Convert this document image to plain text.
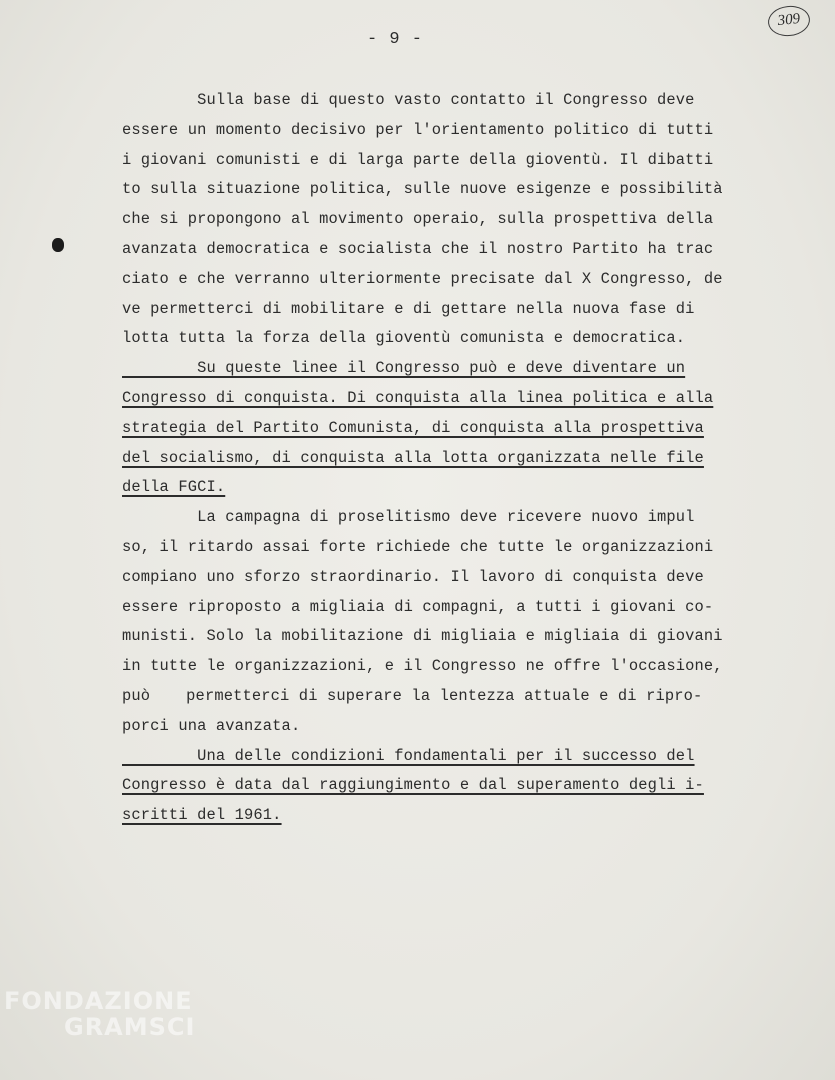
- 9 -
309
Sulla base di questo vasto contatto il Congresso deve
essere un momento decisivo per l'orientamento politico di tutti
i giovani comunisti e di larga parte della gioventù. Il dibatti
to sulla situazione politica, sulle nuove esigenze e possibilità
che si propongono al movimento operaio, sulla prospettiva della
avanzata democratica e socialista che il nostro Partito ha trac
ciato e che verranno ulteriormente precisate dal X Congresso, de
ve permetterci di mobilitare e di gettare nella nuova fase di
lotta tutta la forza della gioventù comunista e democratica.
Su queste linee il Congresso può e deve diventare un
Congresso di conquista. Di conquista alla linea politica e alla
strategia del Partito Comunista, di conquista alla prospettiva
del socialismo, di conquista alla lotta organizzata nelle file
della FGCI.
La campagna di proselitismo deve ricevere nuovo impul
so, il ritardo assai forte richiede che tutte le organizzazioni
compiano uno sforzo straordinario. Il lavoro di conquista deve
essere riproposto a migliaia di compagni, a tutti i giovani co-
munisti. Solo la mobilitazione di migliaia e migliaia di giovani
in tutte le organizzazioni, e il Congresso ne offre l'occasione,
può permetterci di superare la lentezza attuale e di ripro-
porci una avanzata.
Una delle condizioni fondamentali per il successo del
Congresso è data dal raggiungimento e dal superamento degli i-
scritti del 1961.
FONDAZIONE
GRAMSCI
